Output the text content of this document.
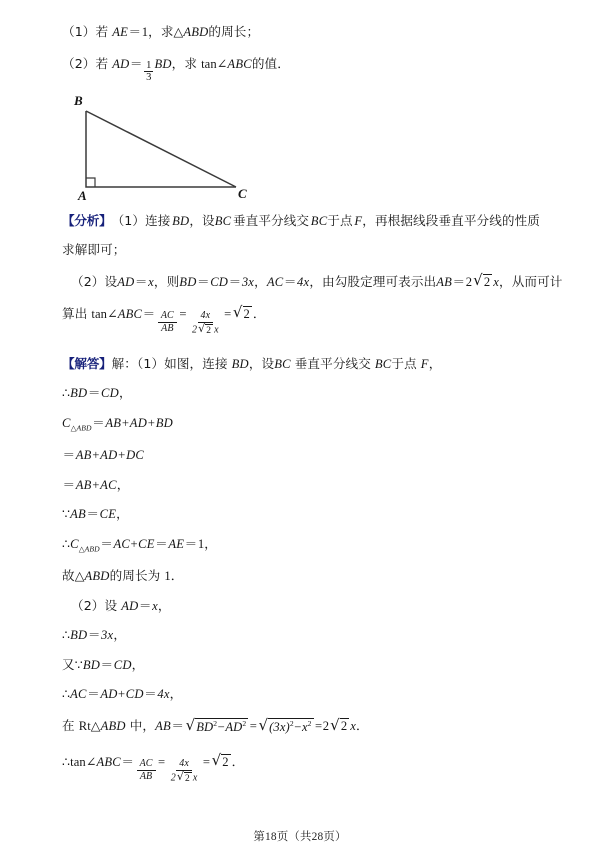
（1） 若 AE ＝ 1 ， 求 △ ABD 的周长；
（2） 若 AD ＝ $\frac{1}{3}$ BD ， 求 tan ∠ ABC 的值．
B
A	C
【分析】 （1）连接 BD ，设 BC 垂直平分线交 BC 于点 F ，再根据线段垂直平分线的性质
求解即可；
（2）设 AD ＝ x ，则 BD ＝ CD ＝ 3x ， AC ＝ 4x ，由勾股定理可表示出 AB ＝ 2 √ 2 x ，从而可计
算出 tan ∠ ABC ＝ $\frac{AC}{AB} = \frac{4x}{2 √ 2 x}$ = √ 2 ．
【解答】 解：（1）如图，连接 BD ，设 BC 垂直平分线交 BC 于点 F ，
∴ BD ＝ CD ，
$C_{\triangle ABD} = AB+AD+BD$
＝ AB+AD+DC
＝ AB+AC ，
∵ AB ＝ CE ，
∴ $C_{\triangle ABD}$ ＝ AC + CE ＝ AE ＝ 1 ，
故△ ABD 的周长为 1 ．
（2）设 AD ＝ x ，
∴ BD ＝ 3x ，
又 ∵ BD ＝ CD ，
∴ AC ＝ AD + CD ＝ 4x ，
在 Rt△ ABD 中， AB ＝ √ $BD^2-AD^2$ = √ $(3x)^2-x^2 = 2$ √ 2 x ．
∴ tan ∠ ABC ＝ $\frac{AC}{AB} = \frac{4x}{2 √ 2 x}$ = √ 2 ．
第18页（共28页）
